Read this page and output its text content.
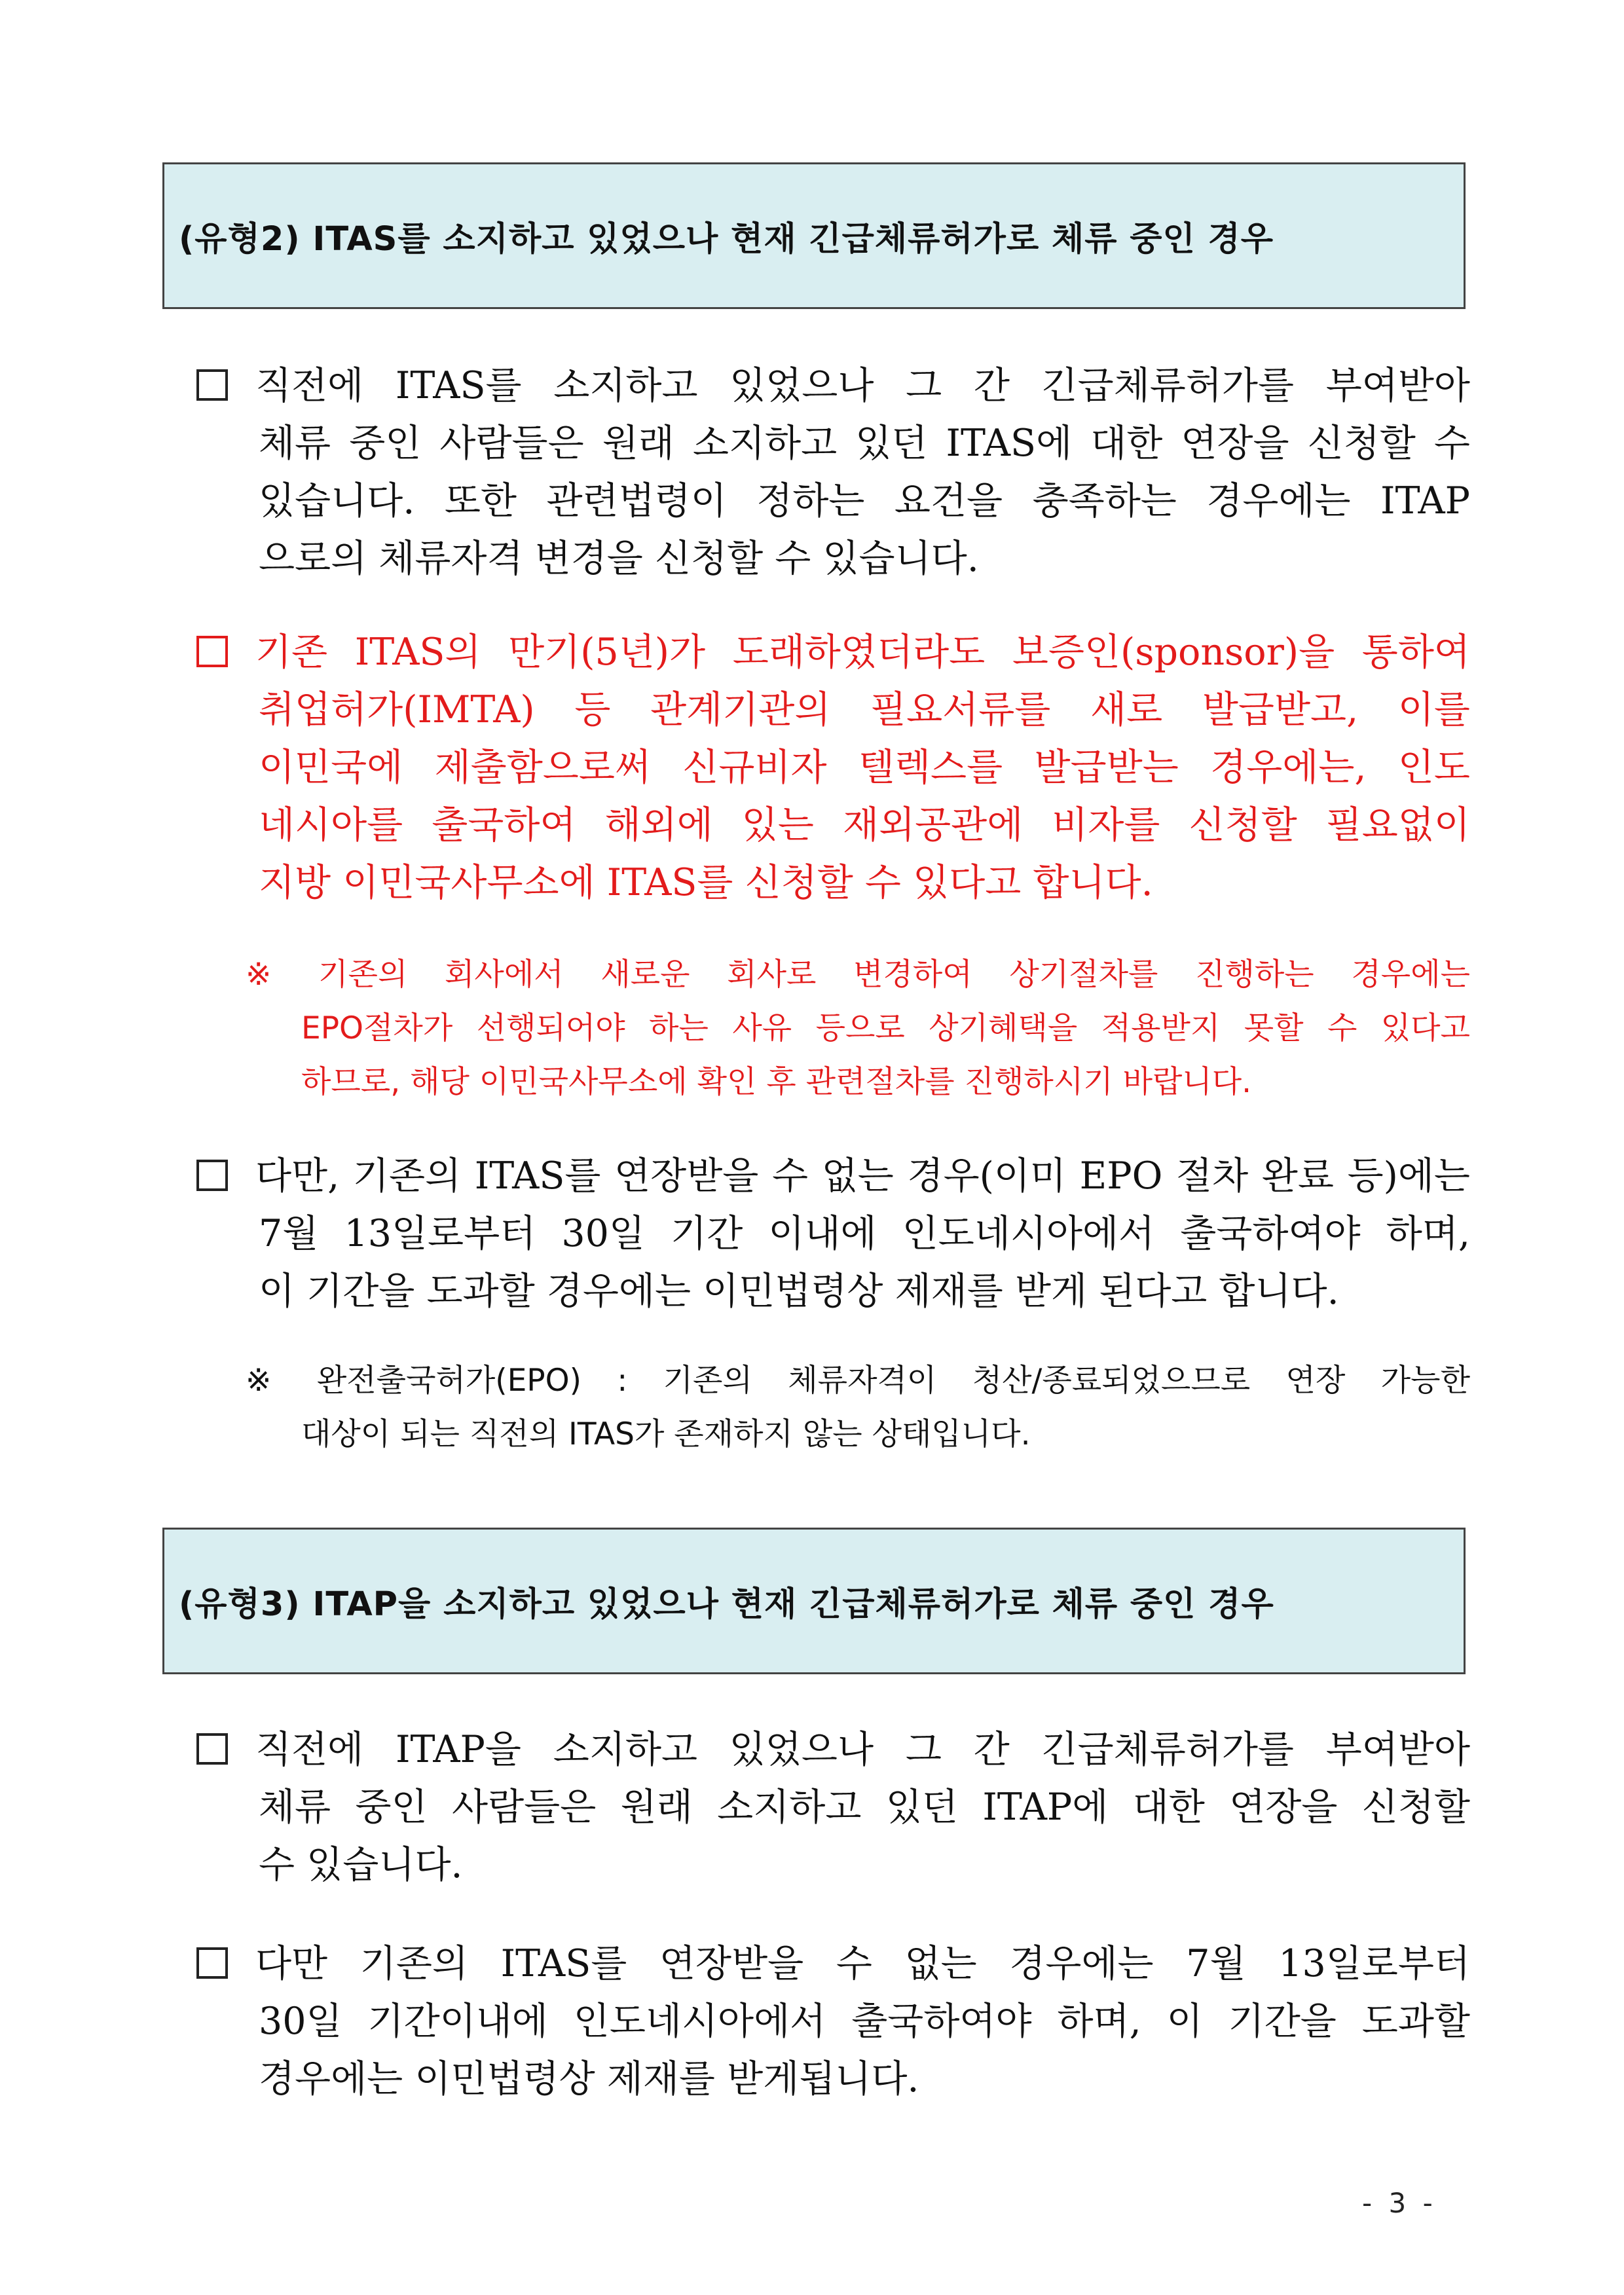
(유형2) ITAS를 소지하고 있었으나 현재 긴급체류허가로 체류 중인 경우
직전에 ITAS를 소지하고 있었으나 그 간 긴급체류허가를 부여받아
체류 중인 사람들은 원래 소지하고 있던 ITAS에 대한 연장을 신청할 수
있습니다. 또한 관련법령이 정하는 요건을 충족하는 경우에는 ITAP
으로의 체류자격 변경을 신청할 수 있습니다.
기존 ITAS의 만기(5년)가 도래하였더라도 보증인(sponsor)을 통하여
취업허가(IMTA) 등 관계기관의 필요서류를 새로 발급받고, 이를
이민국에 제출함으로써 신규비자 텔렉스를 발급받는 경우에는, 인도
네시아를 출국하여 해외에 있는 재외공관에 비자를 신청할 필요없이
지방 이민국사무소에 ITAS를 신청할 수 있다고 합니다.
※ 기존의 회사에서 새로운 회사로 변경하여 상기절차를 진행하는 경우에는
EPO절차가 선행되어야 하는 사유 등으로 상기혜택을 적용받지 못할 수 있다고
하므로, 해당 이민국사무소에 확인 후 관련절차를 진행하시기 바랍니다.
다만, 기존의 ITAS를 연장받을 수 없는 경우(이미 EPO 절차 완료 등)에는
7월 13일로부터 30일 기간 이내에 인도네시아에서 출국하여야 하며,
이 기간을 도과할 경우에는 이민법령상 제재를 받게 된다고 합니다.
※ 완전출국허가(EPO) : 기존의 체류자격이 청산/종료되었으므로 연장 가능한
대상이 되는 직전의 ITAS가 존재하지 않는 상태입니다.
(유형3) ITAP을 소지하고 있었으나 현재 긴급체류허가로 체류 중인 경우
직전에 ITAP을 소지하고 있었으나 그 간 긴급체류허가를 부여받아
체류 중인 사람들은 원래 소지하고 있던 ITAP에 대한 연장을 신청할
수 있습니다.
다만 기존의 ITAS를 연장받을 수 없는 경우에는 7월 13일로부터
30일 기간이내에 인도네시아에서 출국하여야 하며, 이 기간을 도과할
경우에는 이민법령상 제재를 받게됩니다.
- 3 -
